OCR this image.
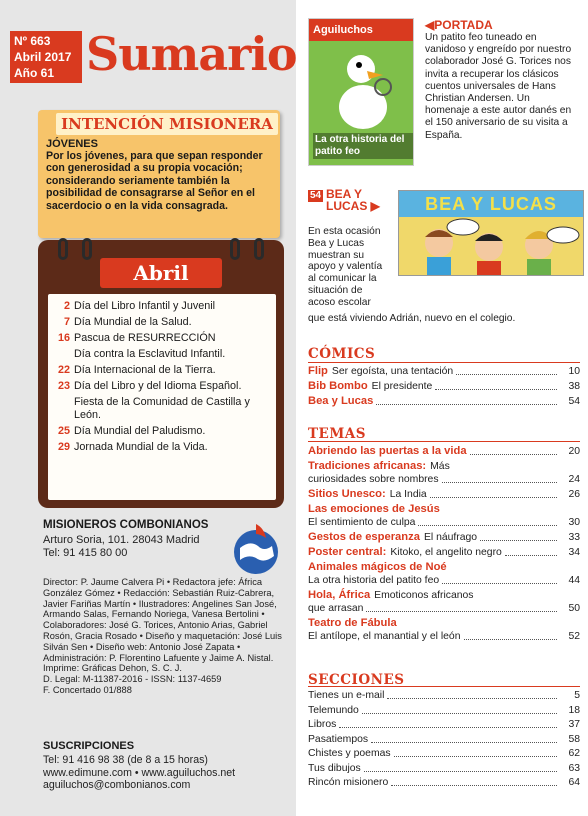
Nº 663
Abril 2017
Año 61 Sumario
INTENCIÓN MISIONERA
JÓVENES
Por los jóvenes, para que sepan responder con generosidad a su propia vocación; considerando seriamente también la posibilidad de consagrarse al Señor en el sacerdocio o en la vida consagrada.
Abril
2 Día del Libro Infantil y Juvenil
7 Día Mundial de la Salud.
16 Pascua de RESURRECCIÓN
Día contra la Esclavitud Infantil.
22 Día Internacional de la Tierra.
23 Día del Libro y del Idioma Español.
Fiesta de la Comunidad de Castilla y León.
25 Día Mundial del Paludismo.
29 Jornada Mundial de la Vida.
MISIONEROS COMBONIANOS
Arturo Soria, 101. 28043 Madrid
Tel: 91 415 80 00
Director: P. Jaume Calvera Pi • Redactora jefe: África González Gómez • Redacción: Sebastián Ruiz-Cabrera, Javier Fariñas Martín • Ilustradores: Angelines San José, Armando Salas, Fernando Noriega, Vanesa Bertolini • Colaboradores: José G. Torices, Antonio Arias, Gabriel Rosón, Gracia Rosado • Diseño y maquetación: José Luis Silván Sen • Diseño web: Antonio José Zapata • Administración: P. Florentino Lafuente y Jaime A. Nistal.
Imprime: Gráficas Dehon, S. C. J.
D. Legal: M-11387-2016 - ISSN: 1137-4659
F. Concertado 01/888
SUSCRIPCIONES
Tel: 91 416 98 38 (de 8 a 15 horas)
www.edimune.com • www.aguiluchos.net
aguiluchos@combonianos.com
Aguiluchos
La otra historia del patito feo
◀PORTADA
Un patito feo tuneado en vanidoso y engreído por nuestro colaborador José G. Torices nos invita a recuperar los clásicos cuentos universales de Hans Christian Andersen. Un homenaje a este autor danés en el 150 aniversario de su visita a España.
54 BEA Y
LUCAS ▶	BEA Y LUCAS
En esta ocasión Bea y Lucas muestran su apoyo y valentía al comunicar la situación de acoso escolar
que está viviendo Adrián, nuevo en el colegio.
CÓMICS
Flip Ser egoísta, una tentación	10
Bib Bombo El presidente	38
Bea y Lucas	54
TEMAS
Abriendo las puertas a la vida	20
Tradiciones africanas: Más
curiosidades sobre nombres	24
Sitios Unesco: La India	26
Las emociones de Jesús
El sentimiento de culpa	30
Gestos de esperanza El náufrago	33
Poster central: Kitoko, el angelito negro	34
Animales mágicos de Noé
La otra historia del patito feo	44
Hola, África Emoticonos africanos
que arrasan	50
Teatro de Fábula
El antílope, el manantial y el león	52
SECCIONES
Tienes un e-mail	5
Telemundo	18
Libros	37
Pasatiempos	58
Chistes y poemas	62
Tus dibujos	63
Rincón misionero	64
